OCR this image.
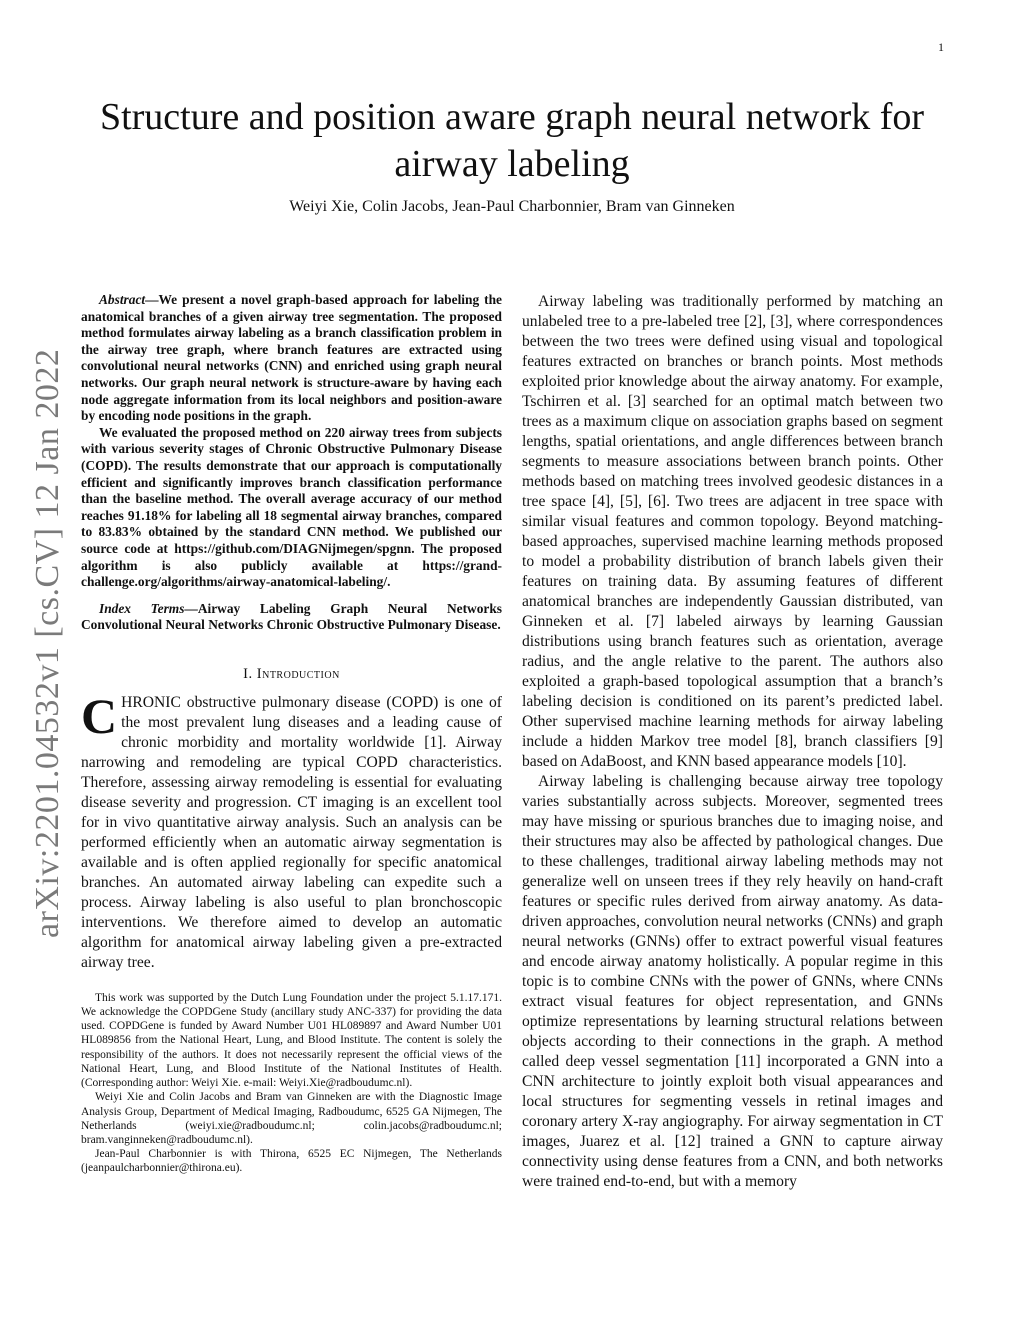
1
arXiv:2201.04532v1 [cs.CV] 12 Jan 2022
Structure and position aware graph neural network for airway labeling
Weiyi Xie, Colin Jacobs, Jean-Paul Charbonnier, Bram van Ginneken

Abstract—We present a novel graph-based approach for labeling the anatomical branches of a given airway tree segmentation. The proposed method formulates airway labeling as a branch classification problem in the airway tree graph, where branch features are extracted using convolutional neural networks (CNN) and enriched using graph neural networks. Our graph neural network is structure-aware by having each node aggregate information from its local neighbors and position-aware by encoding node positions in the graph.

We evaluated the proposed method on 220 airway trees from subjects with various severity stages of Chronic Obstructive Pulmonary Disease (COPD). The results demonstrate that our approach is computationally efficient and significantly improves branch classification performance than the baseline method. The overall average accuracy of our method reaches 91.18% for labeling all 18 segmental airway branches, compared to 83.83% obtained by the standard CNN method. We published our source code at https://github.com/DIAGNijmegen/spgnn. The proposed algorithm is also publicly available at https://grand-challenge.org/algorithms/airway-anatomical-labeling/.

Index Terms—Airway Labeling Graph Neural Networks Convolutional Neural Networks Chronic Obstructive Pulmonary Disease.

I. Introduction

CHRONIC obstructive pulmonary disease (COPD) is one of the most prevalent lung diseases and a leading cause of chronic morbidity and mortality worldwide [1]. Airway narrowing and remodeling are typical COPD characteristics. Therefore, assessing airway remodeling is essential for evaluating disease severity and progression. CT imaging is an excellent tool for in vivo quantitative airway analysis. Such an analysis can be performed efficiently when an automatic airway segmentation is available and is often applied regionally for specific anatomical branches. An automated airway labeling can expedite such a process. Airway labeling is also useful to plan bronchoscopic interventions. We therefore aimed to develop an automatic algorithm for anatomical airway labeling given a pre-extracted airway tree.

This work was supported by the Dutch Lung Foundation under the project 5.1.17.171. We acknowledge the COPDGene Study (ancillary study ANC-337) for providing the data used. COPDGene is funded by Award Number U01 HL089897 and Award Number U01 HL089856 from the National Heart, Lung, and Blood Institute. The content is solely the responsibility of the authors. It does not necessarily represent the official views of the National Heart, Lung, and Blood Institute of the National Institutes of Health. (Corresponding author: Weiyi Xie. e-mail: Weiyi.Xie@radboudumc.nl).

Weiyi Xie and Colin Jacobs and Bram van Ginneken are with the Diagnostic Image Analysis Group, Department of Medical Imaging, Radboudumc, 6525 GA Nijmegen, The Netherlands (weiyi.xie@radboudumc.nl; colin.jacobs@radboudumc.nl; bram.vanginneken@radboudumc.nl).

Jean-Paul Charbonnier is with Thirona, 6525 EC Nijmegen, The Netherlands (jeanpaulcharbonnier@thirona.eu).

Airway labeling was traditionally performed by matching an unlabeled tree to a pre-labeled tree [2], [3], where correspondences between the two trees were defined using visual and topological features extracted on branches or branch points. Most methods exploited prior knowledge about the airway anatomy. For example, Tschirren et al. [3] searched for an optimal match between two trees as a maximum clique on association graphs based on segment lengths, spatial orientations, and angle differences between branch segments to measure associations between branch points. Other methods based on matching trees involved geodesic distances in a tree space [4], [5], [6]. Two trees are adjacent in tree space with similar visual features and common topology. Beyond matching-based approaches, supervised machine learning methods proposed to model a probability distribution of branch labels given their features on training data. By assuming features of different anatomical branches are independently Gaussian distributed, van Ginneken et al. [7] labeled airways by learning Gaussian distributions using branch features such as orientation, average radius, and the angle relative to the parent. The authors also exploited a graph-based topological assumption that a branch’s labeling decision is conditioned on its parent’s predicted label. Other supervised machine learning methods for airway labeling include a hidden Markov tree model [8], branch classifiers [9] based on AdaBoost, and KNN based appearance models [10].

Airway labeling is challenging because airway tree topology varies substantially across subjects. Moreover, segmented trees may have missing or spurious branches due to imaging noise, and their structures may also be affected by pathological changes. Due to these challenges, traditional airway labeling methods may not generalize well on unseen trees if they rely heavily on hand-craft features or specific rules derived from airway anatomy. As data-driven approaches, convolution neural networks (CNNs) and graph neural networks (GNNs) offer to extract powerful visual features and encode airway anatomy holistically. A popular regime in this topic is to combine CNNs with the power of GNNs, where CNNs extract visual features for object representation, and GNNs optimize representations by learning structural relations between objects according to their connections in the graph. A method called deep vessel segmentation [11] incorporated a GNN into a CNN architecture to jointly exploit both visual appearances and local structures for segmenting vessels in retinal images and coronary artery X-ray angiography. For airway segmentation in CT images, Juarez et al. [12] trained a GNN to capture airway connectivity using dense features from a CNN, and both networks were trained end-to-end, but with a memory
